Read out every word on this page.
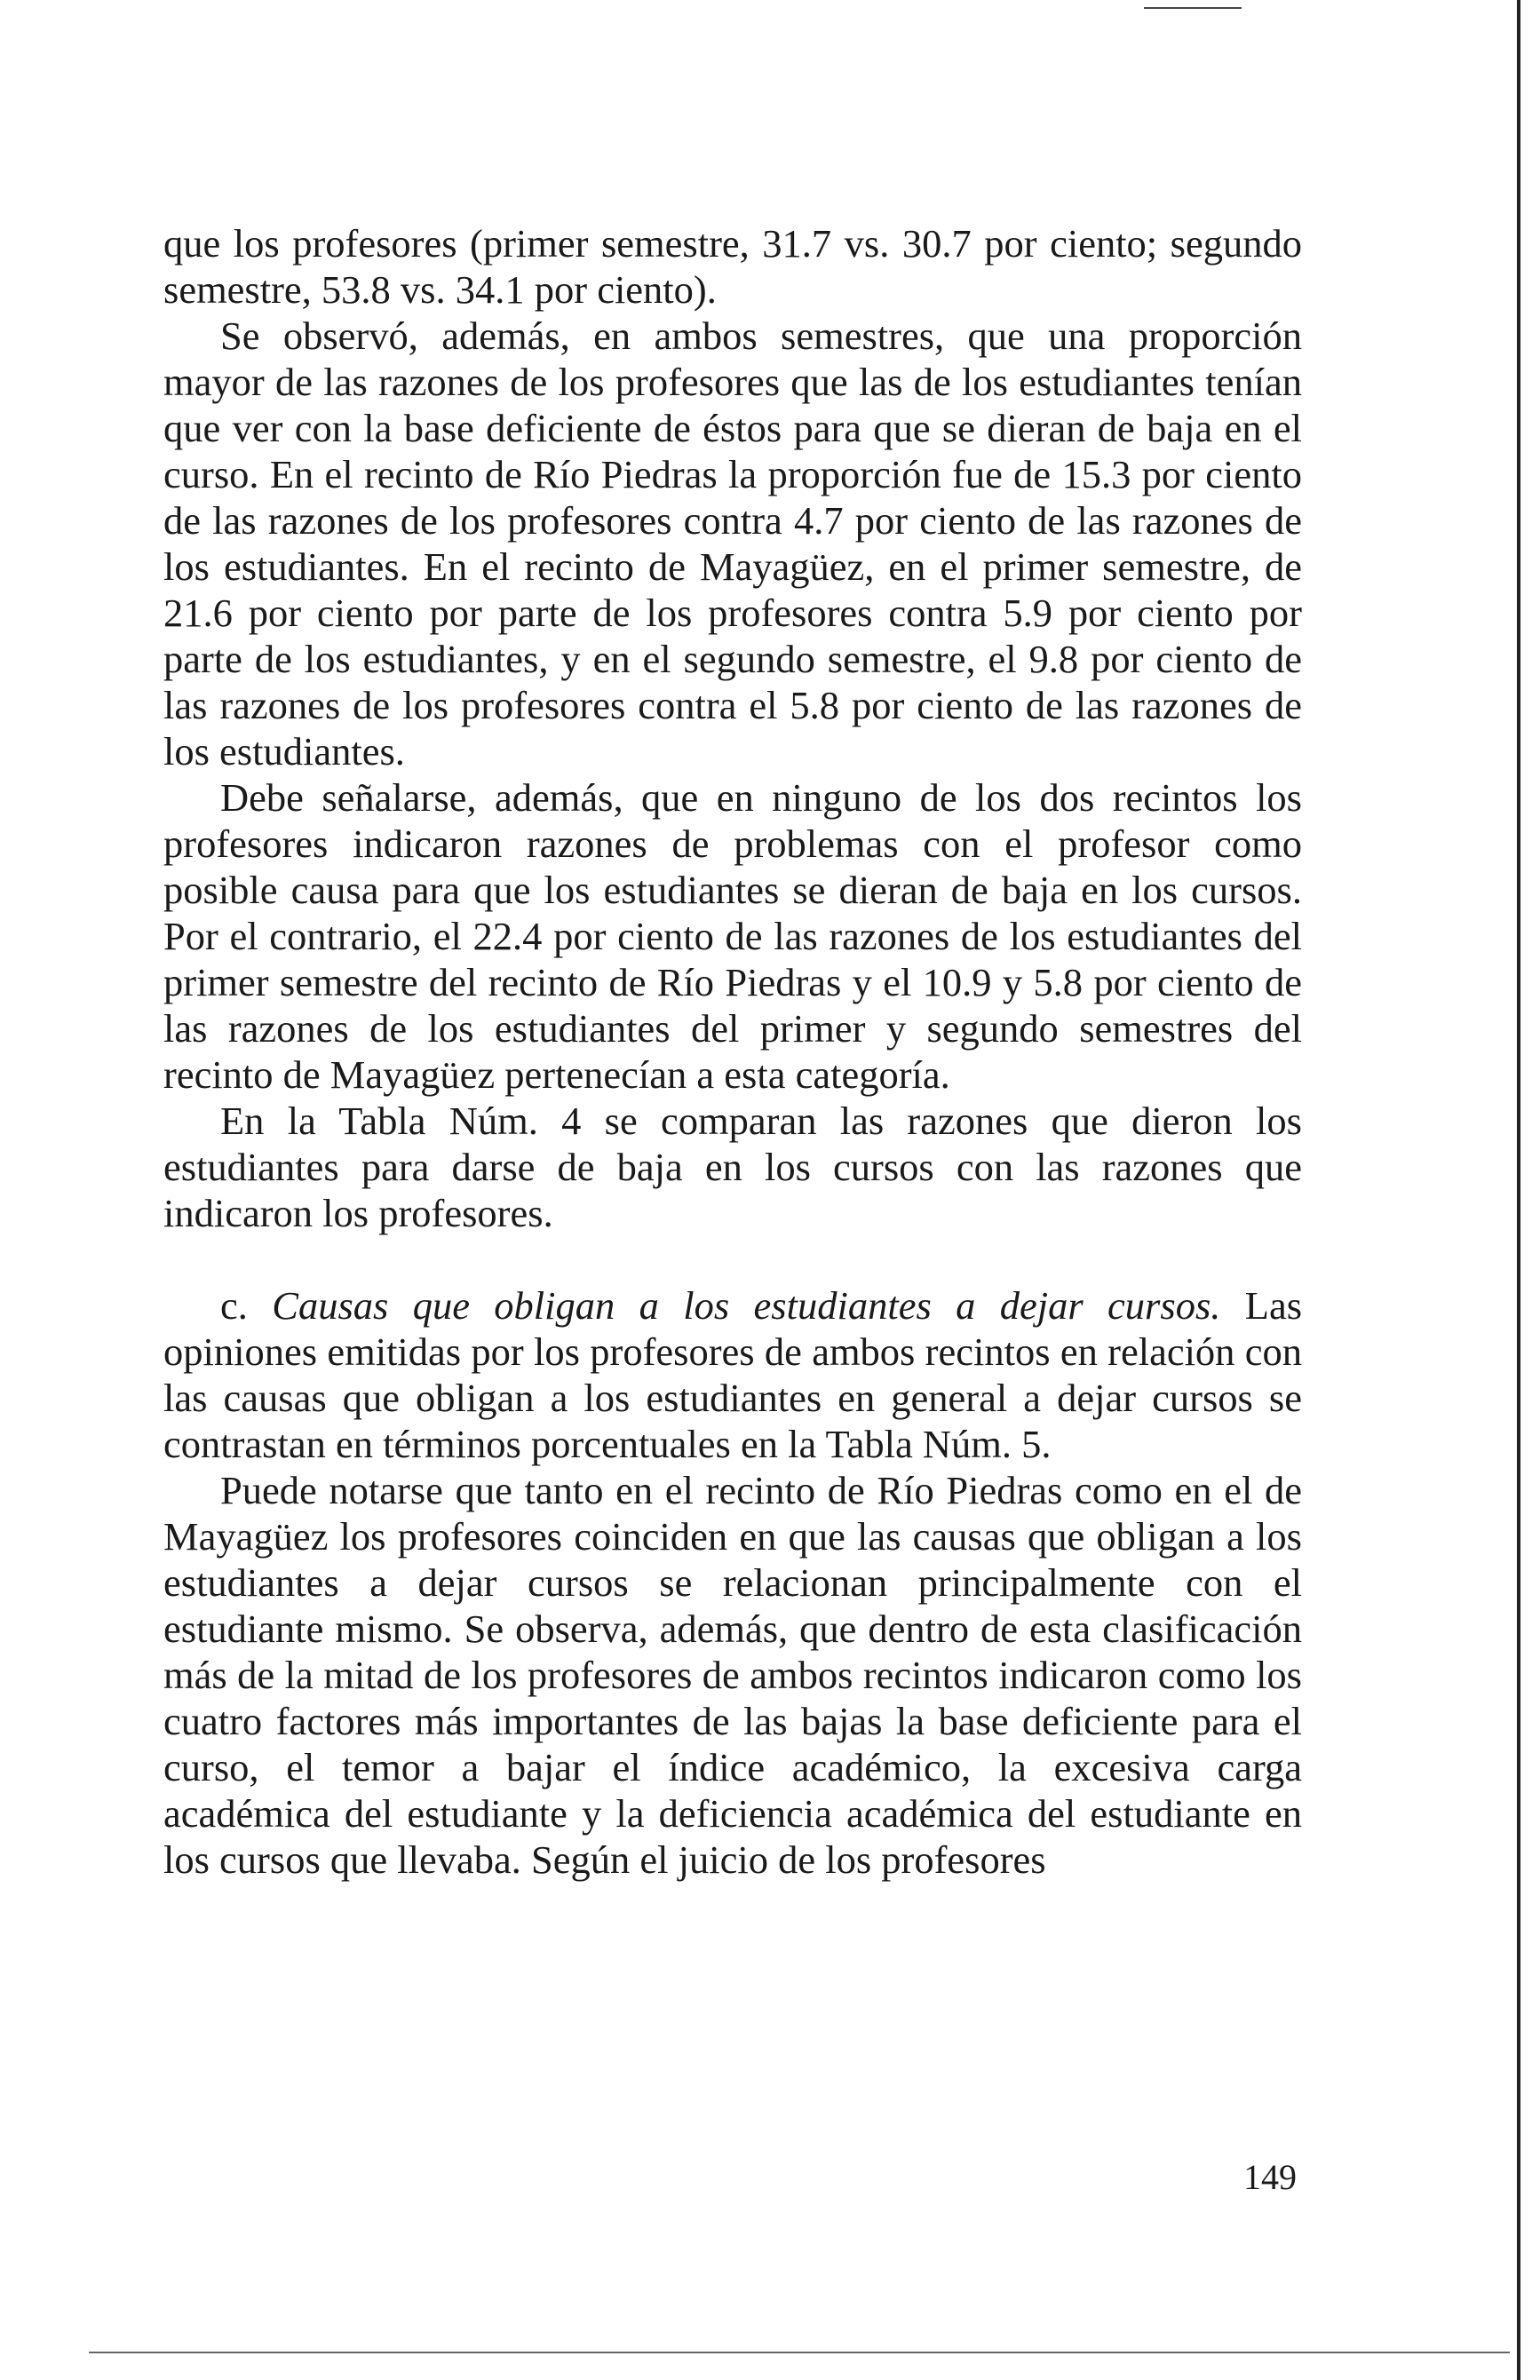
que los profesores (primer semestre, 31.7 vs. 30.7 por ciento; segundo semestre, 53.8 vs. 34.1 por ciento).

Se observó, además, en ambos semestres, que una proporción mayor de las razones de los profesores que las de los estudiantes tenían que ver con la base deficiente de éstos para que se dieran de baja en el curso. En el recinto de Río Piedras la proporción fue de 15.3 por ciento de las razones de los profesores contra 4.7 por ciento de las razones de los estudiantes. En el recinto de Mayagüez, en el primer semestre, de 21.6 por ciento por parte de los profesores contra 5.9 por ciento por parte de los estudiantes, y en el segundo semestre, el 9.8 por ciento de las razones de los profesores contra el 5.8 por ciento de las razones de los estudiantes.

Debe señalarse, además, que en ninguno de los dos recintos los profesores indicaron razones de problemas con el profesor como posible causa para que los estudiantes se dieran de baja en los cursos. Por el contrario, el 22.4 por ciento de las razones de los estudiantes del primer semestre del recinto de Río Piedras y el 10.9 y 5.8 por ciento de las razones de los estudiantes del primer y segundo semestres del recinto de Mayagüez pertenecían a esta categoría.

En la Tabla Núm. 4 se comparan las razones que dieron los estudiantes para darse de baja en los cursos con las razones que indicaron los profesores.

c. Causas que obligan a los estudiantes a dejar cursos. Las opiniones emitidas por los profesores de ambos recintos en relación con las causas que obligan a los estudiantes en general a dejar cursos se contrastan en términos porcentuales en la Tabla Núm. 5.

Puede notarse que tanto en el recinto de Río Piedras como en el de Mayagüez los profesores coinciden en que las causas que obligan a los estudiantes a dejar cursos se relacionan principalmente con el estudiante mismo. Se observa, además, que dentro de esta clasificación más de la mitad de los profesores de ambos recintos indicaron como los cuatro factores más importantes de las bajas la base deficiente para el curso, el temor a bajar el índice académico, la excesiva carga académica del estudiante y la deficiencia académica del estudiante en los cursos que llevaba. Según el juicio de los profesores

149
